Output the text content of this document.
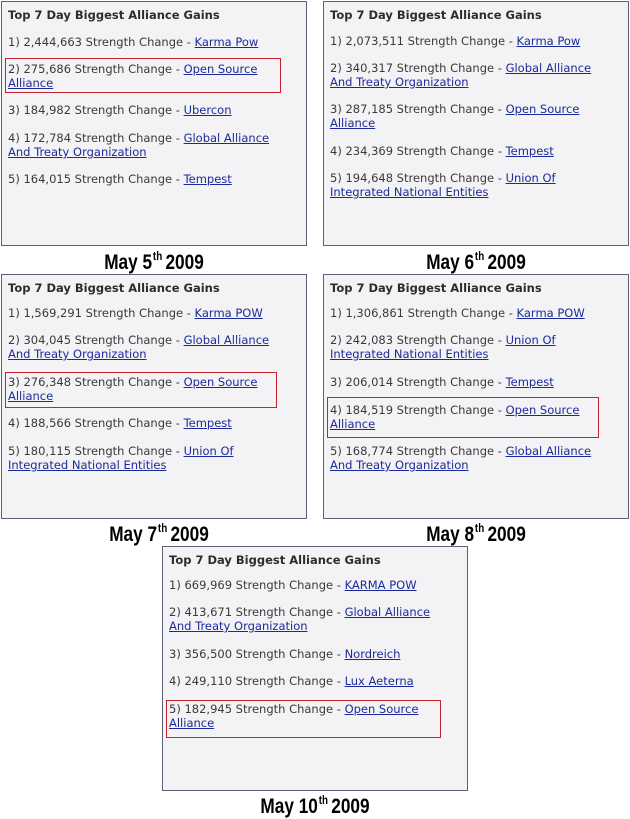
Top 7 Day Biggest Alliance Gains
1) 2,444,663 Strength Change - Karma Pow
2) 275,686 Strength Change - Open Source
Alliance
3) 184,982 Strength Change - Ubercon
4) 172,784 Strength Change - Global Alliance
And Treaty Organization
5) 164,015 Strength Change - Tempest
May 5th 2009
Top 7 Day Biggest Alliance Gains
1) 2,073,511 Strength Change - Karma Pow
2) 340,317 Strength Change - Global Alliance
And Treaty Organization
3) 287,185 Strength Change - Open Source
Alliance
4) 234,369 Strength Change - Tempest
5) 194,648 Strength Change - Union Of
Integrated National Entities
May 6th 2009
Top 7 Day Biggest Alliance Gains
1) 1,569,291 Strength Change - Karma POW
2) 304,045 Strength Change - Global Alliance
And Treaty Organization
3) 276,348 Strength Change - Open Source
Alliance
4) 188,566 Strength Change - Tempest
5) 180,115 Strength Change - Union Of
Integrated National Entities
May 7th 2009
Top 7 Day Biggest Alliance Gains
1) 1,306,861 Strength Change - Karma POW
2) 242,083 Strength Change - Union Of
Integrated National Entities
3) 206,014 Strength Change - Tempest
4) 184,519 Strength Change - Open Source
Alliance
5) 168,774 Strength Change - Global Alliance
And Treaty Organization
May 8th 2009
Top 7 Day Biggest Alliance Gains
1) 669,969 Strength Change - KARMA POW
2) 413,671 Strength Change - Global Alliance
And Treaty Organization
3) 356,500 Strength Change - Nordreich
4) 249,110 Strength Change - Lux Aeterna
5) 182,945 Strength Change - Open Source
Alliance
May 10th 2009
